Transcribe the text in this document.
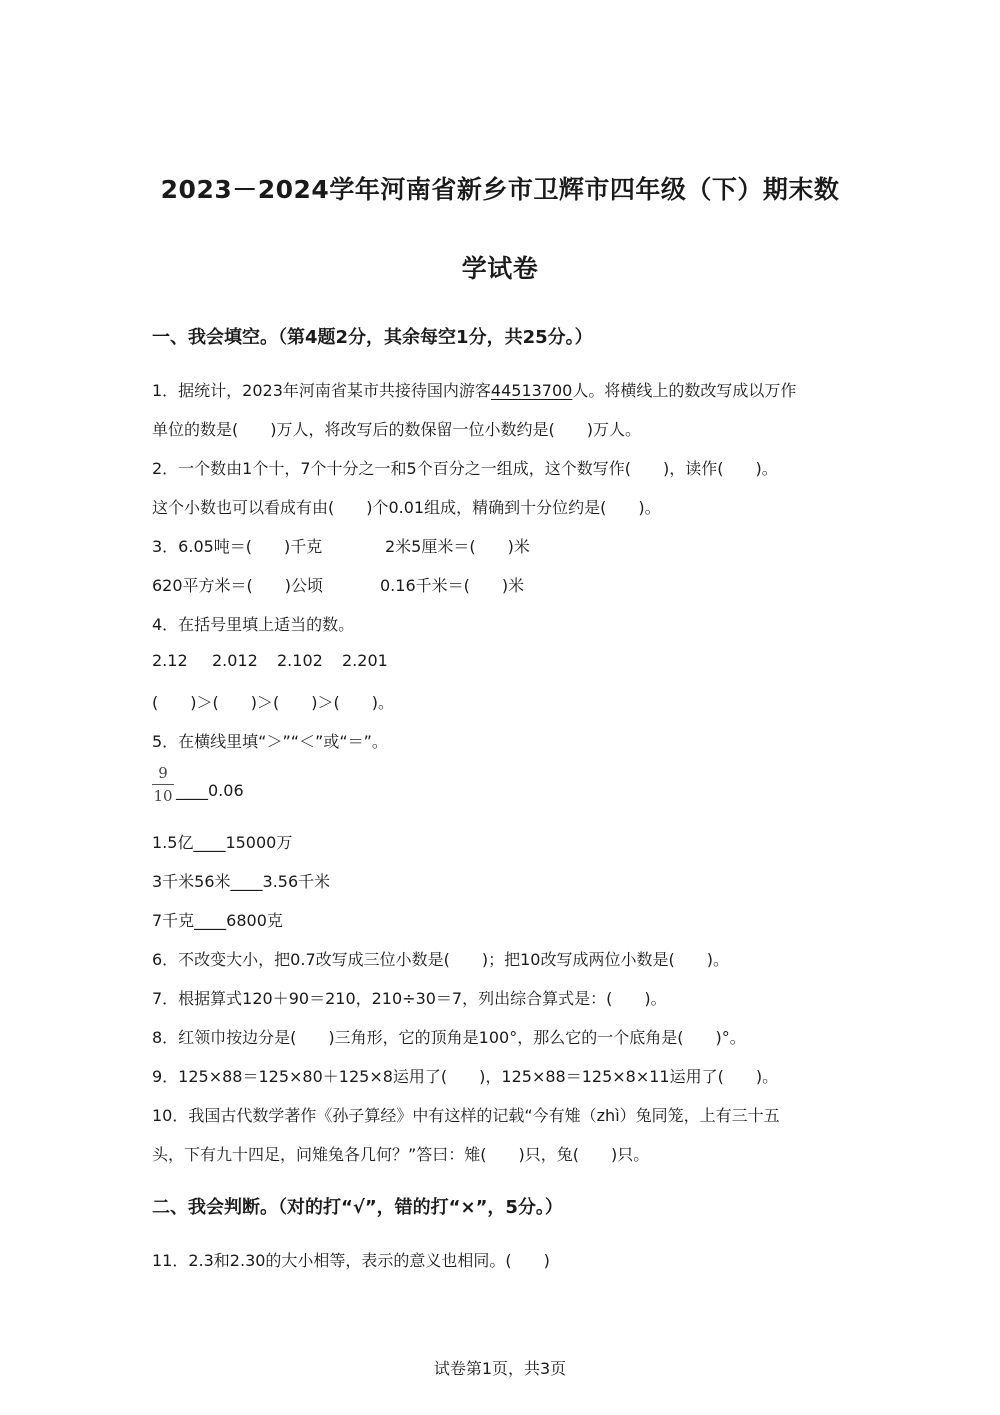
2023－2024学年河南省新乡市卫辉市四年级（下）期末数
学试卷
一、我会填空。（第4题2分，其余每空1分，共25分。）
1．据统计，2023年河南省某市共接待国内游客44513700人。将横线上的数改写成以万作
单位的数是(　　)万人，将改写后的数保留一位小数约是(　　)万人。
2．一个数由1个十，7个十分之一和5个百分之一组成，这个数写作(　　)，读作(　　)。
这个小数也可以看成有由(　　)个0.01组成，精确到十分位约是(　　)。
3．6.05吨＝(　　)千克	2米5厘米＝(　　)米
620平方米＝(　　)公顷	0.16千米＝(　　)米
4．在括号里填上适当的数。
2.12 2.012 2.102 2.201
(　　)＞(　　)＞(　　)＞(　　)。
5．在横线里填“＞”“＜”或“＝”。
9
10 ____0.06
1.5亿____15000万
3千米56米____3.56千米
7千克____6800克
6．不改变大小，把0.7改写成三位小数是(　　)；把10改写成两位小数是(　　)。
7．根据算式120＋90＝210，210÷30＝7，列出综合算式是：(　　)。
8．红领巾按边分是(　　)三角形，它的顶角是100°，那么它的一个底角是(　　)°。
9．125×88＝125×80＋125×8运用了(　　)，125×88＝125×8×11运用了(　　)。
10．我国古代数学著作《孙子算经》中有这样的记载“今有雉（zhì）兔同笼，上有三十五
头，下有九十四足，问雉兔各几何？”答曰：雉(　　)只，兔(　　)只。
二、我会判断。（对的打“√”，错的打“×”，5分。）
11．2.3和2.30的大小相等，表示的意义也相同。(　　)
试卷第1页，共3页
